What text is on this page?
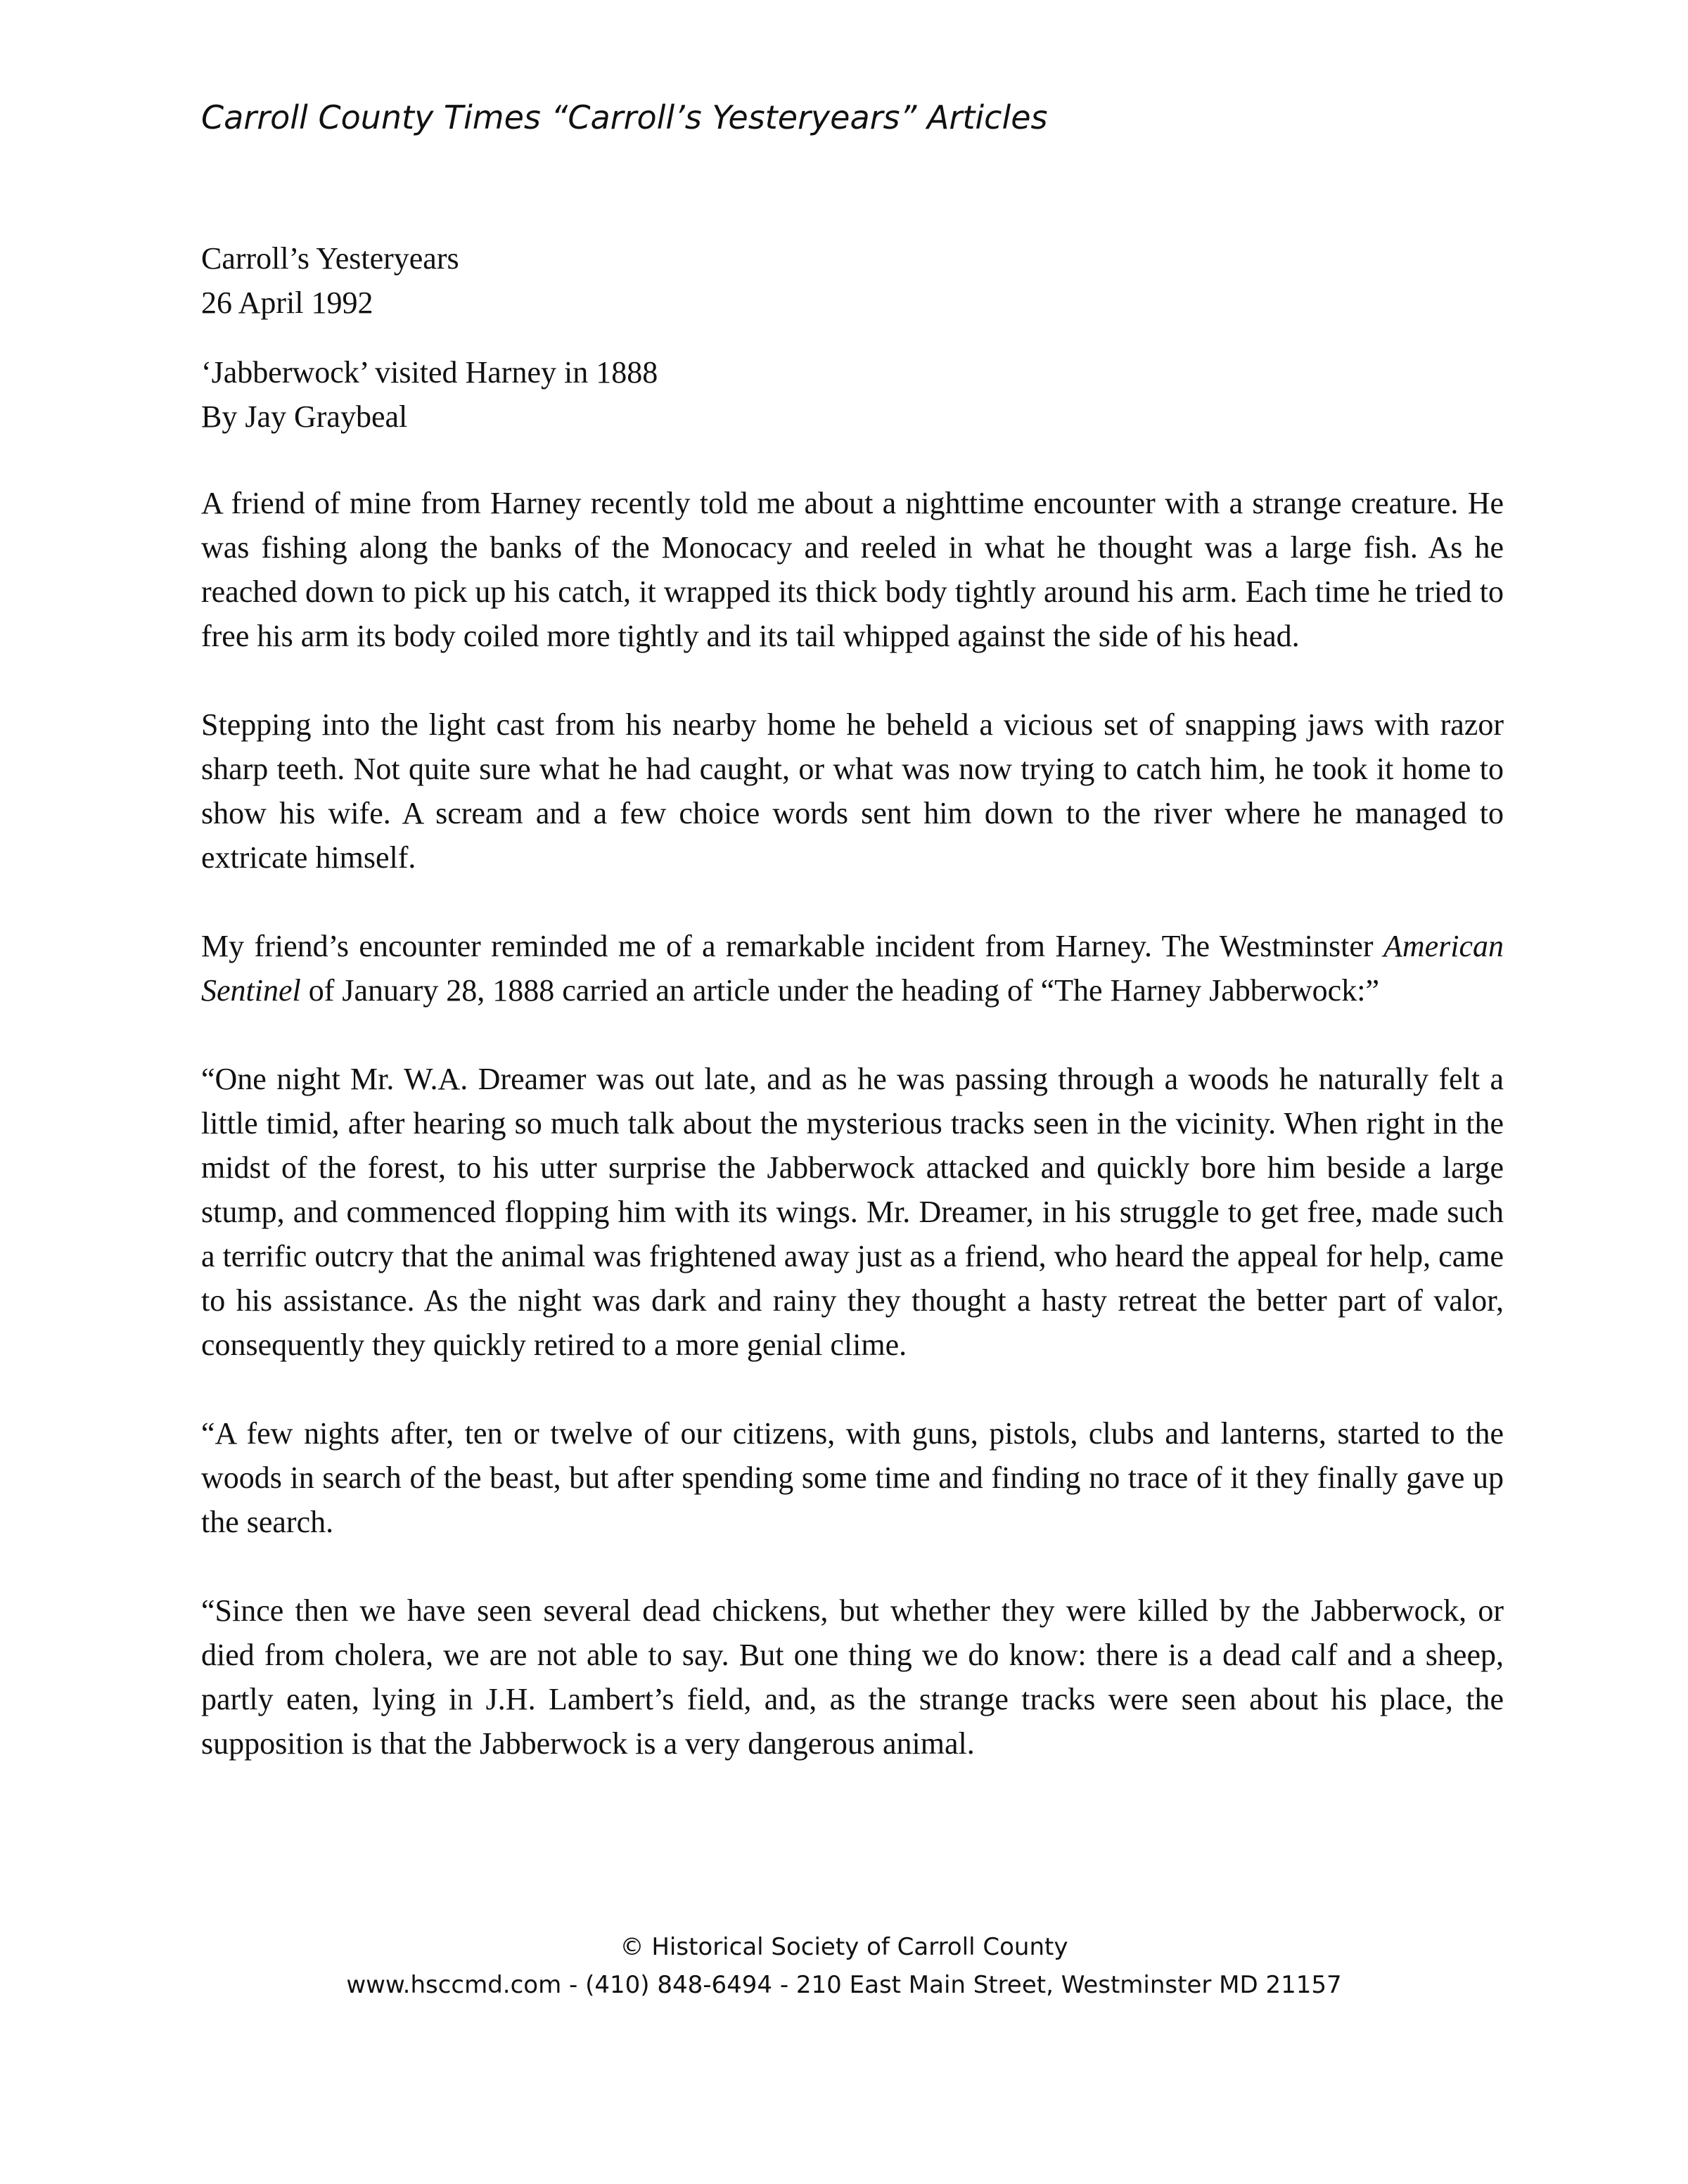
Carroll County Times “Carroll’s Yesteryears” Articles
Carroll’s Yesteryears
26 April 1992
‘Jabberwock’ visited Harney in 1888
By Jay Graybeal

A friend of mine from Harney recently told me about a nighttime encounter with a strange creature. He was fishing along the banks of the Monocacy and reeled in what he thought was a large fish. As he reached down to pick up his catch, it wrapped its thick body tightly around his arm. Each time he tried to free his arm its body coiled more tightly and its tail whipped against the side of his head.

Stepping into the light cast from his nearby home he beheld a vicious set of snapping jaws with razor sharp teeth. Not quite sure what he had caught, or what was now trying to catch him, he took it home to show his wife. A scream and a few choice words sent him down to the river where he managed to extricate himself.

My friend’s encounter reminded me of a remarkable incident from Harney. The Westminster American Sentinel of January 28, 1888 carried an article under the heading of “The Harney Jabberwock:”

“One night Mr. W.A. Dreamer was out late, and as he was passing through a woods he naturally felt a little timid, after hearing so much talk about the mysterious tracks seen in the vicinity. When right in the midst of the forest, to his utter surprise the Jabberwock attacked and quickly bore him beside a large stump, and commenced flopping him with its wings. Mr. Dreamer, in his struggle to get free, made such a terrific outcry that the animal was frightened away just as a friend, who heard the appeal for help, came to his assistance. As the night was dark and rainy they thought a hasty retreat the better part of valor, consequently they quickly retired to a more genial clime.

“A few nights after, ten or twelve of our citizens, with guns, pistols, clubs and lanterns, started to the woods in search of the beast, but after spending some time and finding no trace of it they finally gave up the search.

“Since then we have seen several dead chickens, but whether they were killed by the Jabberwock, or died from cholera, we are not able to say. But one thing we do know: there is a dead calf and a sheep, partly eaten, lying in J.H. Lambert’s field, and, as the strange tracks were seen about his place, the supposition is that the Jabberwock is a very dangerous animal.

© Historical Society of Carroll County
www.hsccmd.com - (410) 848-6494 - 210 East Main Street, Westminster MD 21157
